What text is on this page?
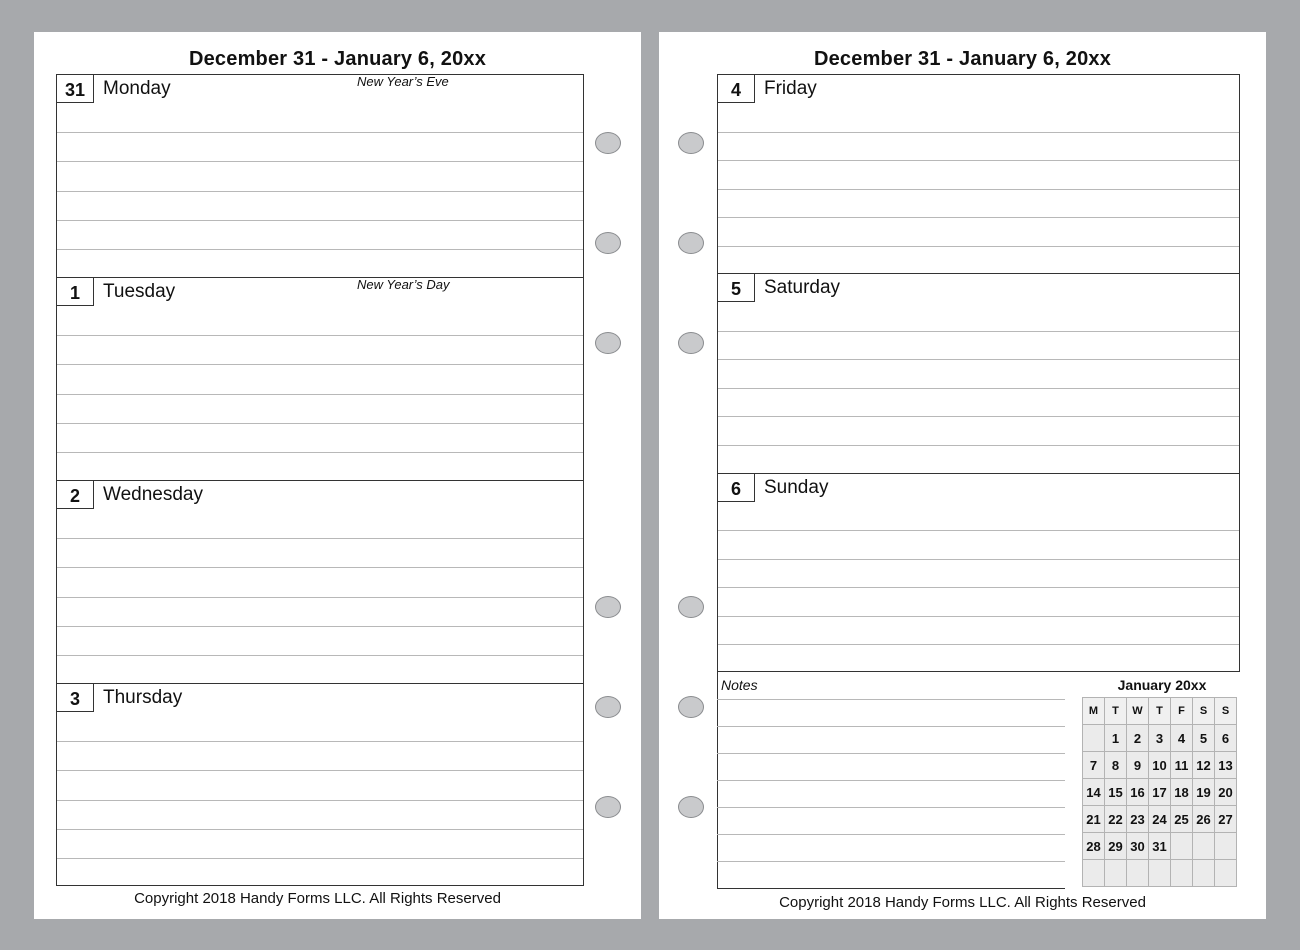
December 31 - January 6, 20xx
31 Monday	New Year’s Eve
1	Tuesday	New Year’s Day
2	Wednesday
3	Thursday
Copyright 2018 Handy Forms LLC. All Rights Reserved
December 31 - January 6, 20xx
4	Friday
5	Saturday
6	Sunday
Notes	January 20xx
M	T	W	T	F	S	S
	1	2	3	4	5	6
7	8	9	10	11	12	13
14	15	16	17	18	19	20
21	22	23	24	25	26	27
28	29	30	31			

Copyright 2018 Handy Forms LLC. All Rights Reserved
